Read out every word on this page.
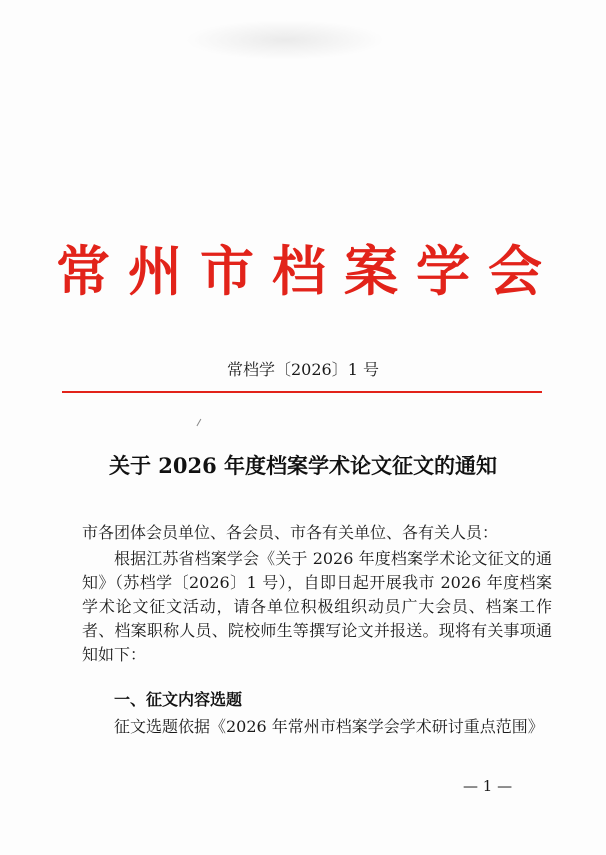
常州市档案学会
常档学〔2026〕1 号
关于 2026 年度档案学术论文征文的通知
市各团体会员单位、各会员、市各有关单位、各有关人员：
根据江苏省档案学会《关于 2026 年度档案学术论文征文的通知》（苏档学〔2026〕1 号），自即日起开展我市 2026 年度档案学术论文征文活动，请各单位积极组织动员广大会员、档案工作者、档案职称人员、院校师生等撰写论文并报送。现将有关事项通知如下：
一、征文内容选题
征文选题依据《2026 年常州市档案学会学术研讨重点范围》
— 1 —
